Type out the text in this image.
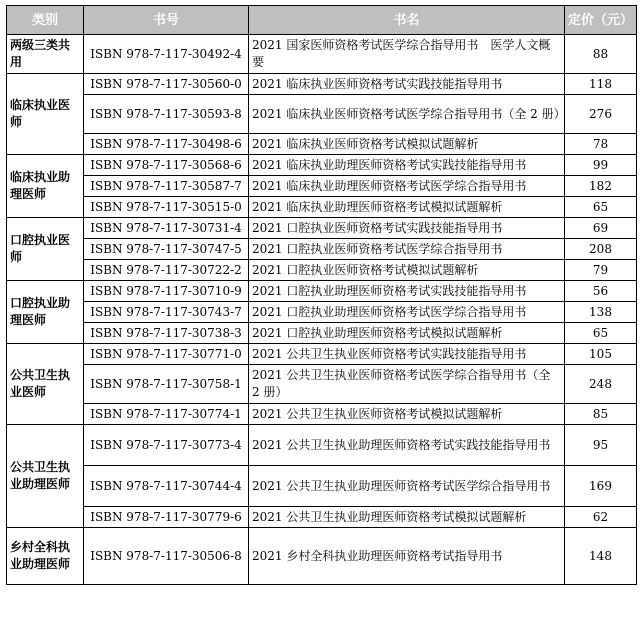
类别	书号	书名	定价（元）
两级三类共用	ISBN 978-7-117-30492-4	2021 国家医师资格考试医学综合指导用书　医学人文概要	88
临床执业医师	ISBN 978-7-117-30560-0	2021 临床执业医师资格考试实践技能指导用书	118
	ISBN 978-7-117-30593-8	2021 临床执业医师资格考试医学综合指导用书（全 2 册）	276
	ISBN 978-7-117-30498-6	2021 临床执业医师资格考试模拟试题解析	78
临床执业助理医师	ISBN 978-7-117-30568-6	2021 临床执业助理医师资格考试实践技能指导用书	99
	ISBN 978-7-117-30587-7	2021 临床执业助理医师资格考试医学综合指导用书	182
	ISBN 978-7-117-30515-0	2021 临床执业助理医师资格考试模拟试题解析	65
口腔执业医师	ISBN 978-7-117-30731-4	2021 口腔执业医师资格考试实践技能指导用书	69
	ISBN 978-7-117-30747-5	2021 口腔执业医师资格考试医学综合指导用书	208
	ISBN 978-7-117-30722-2	2021 口腔执业医师资格考试模拟试题解析	79
口腔执业助理医师	ISBN 978-7-117-30710-9	2021 口腔执业助理医师资格考试实践技能指导用书	56
	ISBN 978-7-117-30743-7	2021 口腔执业助理医师资格考试医学综合指导用书	138
	ISBN 978-7-117-30738-3	2021 口腔执业助理医师资格考试模拟试题解析	65
公共卫生执业医师	ISBN 978-7-117-30771-0	2021 公共卫生执业医师资格考试实践技能指导用书	105
	ISBN 978-7-117-30758-1	2021 公共卫生执业医师资格考试医学综合指导用书（全 2 册）	248
	ISBN 978-7-117-30774-1	2021 公共卫生执业医师资格考试模拟试题解析	85
公共卫生执业助理医师	ISBN 978-7-117-30773-4	2021 公共卫生执业助理医师资格考试实践技能指导用书	95
	ISBN 978-7-117-30744-4	2021 公共卫生执业助理医师资格考试医学综合指导用书	169
	ISBN 978-7-117-30779-6	2021 公共卫生执业助理医师资格考试模拟试题解析	62
乡村全科执业助理医师	ISBN 978-7-117-30506-8	2021 乡村全科执业助理医师资格考试指导用书	148
